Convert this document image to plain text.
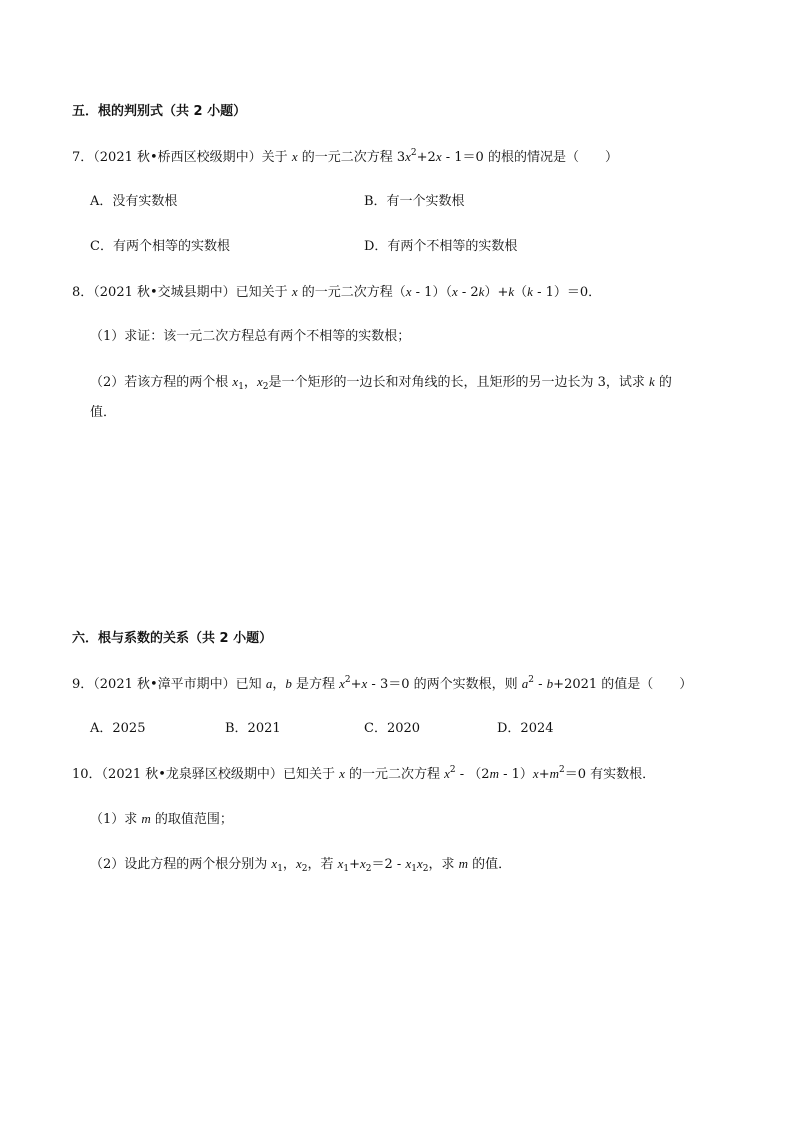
五．根的判别式（共 2 小题）
7．（2021 秋•桥西区校级期中）关于 x 的一元二次方程 $3x^2+2x - 1=0$ 的根的情况是（　　）
A．没有实数根	B．有一个实数根
C．有两个相等的实数根	D．有两个不相等的实数根
8．（2021 秋•交城县期中）已知关于 x 的一元二次方程（x - 1）（x - 2k）+k（k - 1）＝0．
（1）求证：该一元二次方程总有两个不相等的实数根；
（2）若该方程的两个根 $x_1$，$x_2$是一个矩形的一边长和对角线的长，且矩形的另一边长为 3，试求 k 的
值．
六．根与系数的关系（共 2 小题）
9．（2021 秋•漳平市期中）已知 a，b 是方程 $x^2+x - 3=0$ 的两个实数根，则 $a^2 - b+2021$ 的值是（　　）
A．2025	B．2021	C．2020	D．2024
10．（2021 秋•龙泉驿区校级期中）已知关于 x 的一元二次方程 $x^2 - (2m - 1)x+m^2=0$ 有实数根．
（1）求 m 的取值范围；
（2）设此方程的两个根分别为 $x_1$，$x_2$，若 $x_1+x_2=2 - x_1x_2$，求 m 的值．
